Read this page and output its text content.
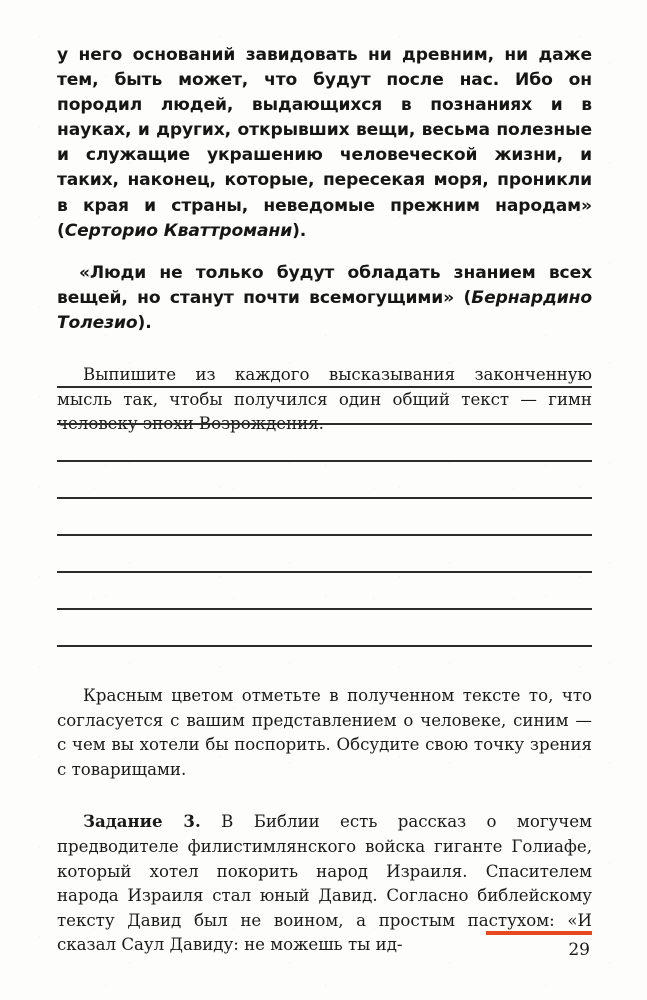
у него оснований завидовать ни древним, ни даже тем, быть может, что будут после нас. Ибо он породил людей, выдающихся в познаниях и в науках, и других, открывших вещи, весьма полезные и служащие украшению человеческой жизни, и таких, наконец, которые, пересекая моря, проникли в края и страны, неведомые прежним народам» (Серторио Кваттромани).

«Люди не только будут обладать знанием всех вещей, но станут почти всемогущими» (Бернардино Толезио).

Выпишите из каждого высказывания законченную мысль так, чтобы получился один общий текст — гимн человеку эпохи Возрождения.

Красным цветом отметьте в полученном тексте то, что согласуется с вашим представлением о человеке, синим — с чем вы хотели бы поспорить. Обсудите свою точку зрения с товарищами.

Задание 3. В Библии есть рассказ о могучем предводителе филистимлянского войска гиганте Голиафе, который хотел покорить народ Израиля. Спасителем народа Израиля стал юный Давид. Согласно библейскому тексту Давид был не воином, а простым пастухом: «И сказал Саул Давиду: не можешь ты ид-	29
